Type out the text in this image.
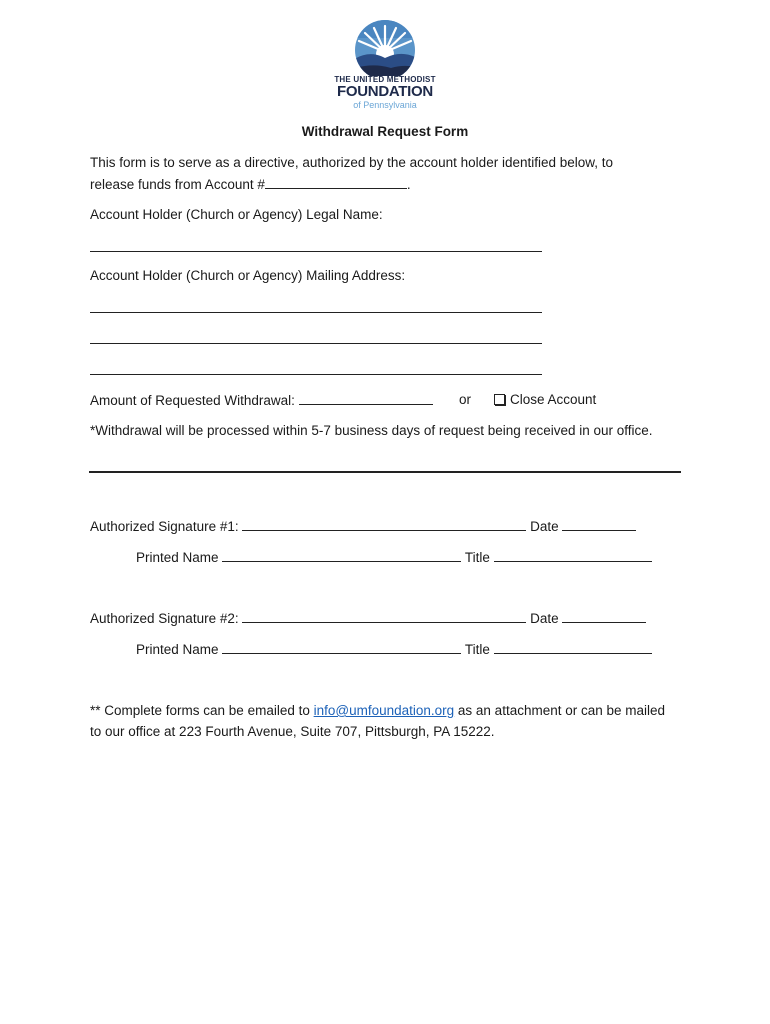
THE UNITED METHODIST
FOUNDATION
of Pennsylvania
Withdrawal Request Form
This form is to serve as a directive, authorized by the account holder identified below, to
release funds from Account #	.
Account Holder (Church or Agency) Legal Name:
Account Holder (Church or Agency) Mailing Address:
Amount of Requested Withdrawal:	or	Close Account
*Withdrawal will be processed within 5-7 business days of request being received in our office.
Authorized Signature #1:	Date
Printed Name	Title
Authorized Signature #2:	Date
Printed Name	Title
** Complete forms can be emailed to info@umfoundation.org as an attachment or can be mailed
to our office at 223 Fourth Avenue, Suite 707, Pittsburgh, PA 15222.
